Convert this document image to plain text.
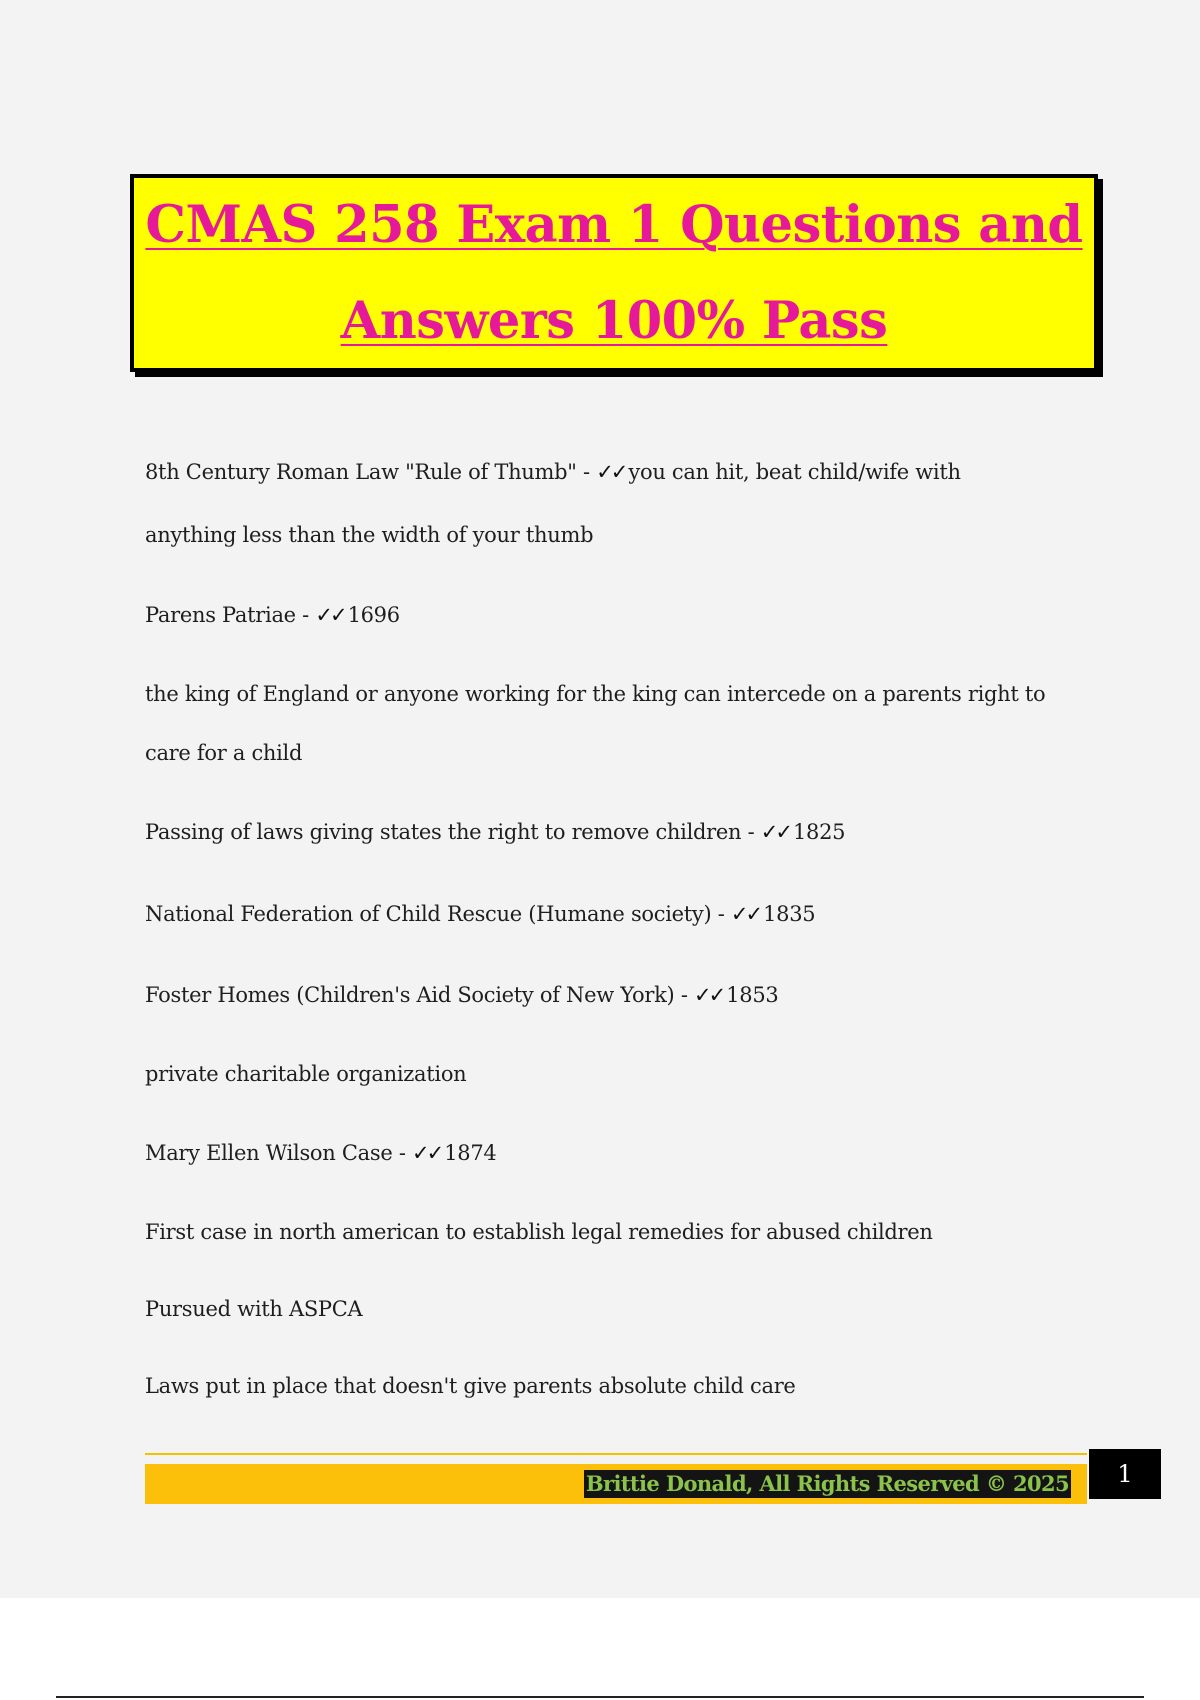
CMAS 258 Exam 1 Questions and
Answers 100% Pass
8th Century Roman Law "Rule of Thumb" - ✓✓ you can hit, beat child/wife with
anything less than the width of your thumb
Parens Patriae - ✓✓ 1696
the king of England or anyone working for the king can intercede on a parents right to
care for a child
Passing of laws giving states the right to remove children - ✓✓ 1825
National Federation of Child Rescue (Humane society) - ✓✓ 1835
Foster Homes (Children's Aid Society of New York) - ✓✓ 1853
private charitable organization
Mary Ellen Wilson Case - ✓✓ 1874
First case in north american to establish legal remedies for abused children
Pursued with ASPCA
Laws put in place that doesn't give parents absolute child care
Brittie Donald, All Rights Reserved © 2025	1
